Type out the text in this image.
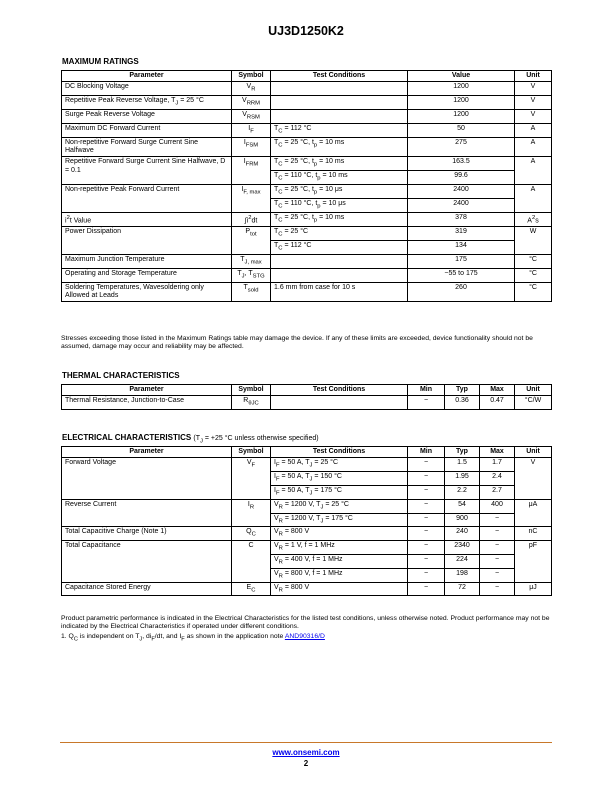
UJ3D1250K2
MAXIMUM RATINGS
Parameter	Symbol	Test Conditions	Value	Unit
DC Blocking Voltage	$V_R$		1200	V
Repetitive Peak Reverse Voltage, $T_J = 25$ °C	$V_{RRM}$		1200	V
Surge Peak Reverse Voltage	$V_{RSM}$		1200	V
Maximum DC Forward Current	$I_F$	$T_C = 112$ °C	50	A
Non-repetitive Forward Surge Current Sine Halfwave	$I_{FSM}$	$T_C = 25$ °C, $t_p = 10$ ms	275	A
Repetitive Forward Surge Current Sine Halfwave, D = 0.1	$I_{FRM}$	$T_C = 25$ °C, $t_p = 10$ ms	163.5	A
		$T_C = 110$ °C, $t_p = 10$ ms	99.6	
Non-repetitive Peak Forward Current	$I_{F, max}$	$T_C = 25$ °C, $t_p = 10$ μs	2400	A
		$T_C = 110$ °C, $t_p = 10$ μs	2400	
$i^2t$ Value	$\int i^2dt$	$T_C = 25$ °C, $t_p = 10$ ms	378	$A^2s$
Power Dissipation	$P_{tot}$	$T_C = 25$ °C	319	W
		$T_C = 112$ °C	134	
Maximum Junction Temperature	$T_{J, max}$		175	°C
Operating and Storage Temperature	$T_J$, $T_{STG}$		−55 to 175	°C
Soldering Temperatures, Wavesoldering only Allowed at Leads	$T_{sold}$	1.6 mm from case for 10 s	260	°C
Stresses exceeding those listed in the Maximum Ratings table may damage the device. If any of these limits are exceeded, device functionality should not be assumed, damage may occur and reliability may be affected.
THERMAL CHARACTERISTICS
Parameter	Symbol	Test Conditions	Min	Typ	Max	Unit
Thermal Resistance, Junction-to-Case	$R_{\theta JC}$		−	0.36	0.47	°C/W
ELECTRICAL CHARACTERISTICS ($T_J = +25$ °C unless otherwise specified)
Parameter	Symbol	Test Conditions	Min	Typ	Max	Unit
Forward Voltage	$V_F$	$I_F = 50$ A, $T_J = 25$ °C	−	1.5	1.7	V
		$I_F = 50$ A, $T_J = 150$ °C	−	1.95	2.4	
		$I_F = 50$ A, $T_J = 175$ °C	−	2.2	2.7	
Reverse Current	$I_R$	$V_R = 1200$ V, $T_J = 25$ °C	−	54	400	μA
		$V_R = 1200$ V, $T_J = 175$ °C	−	900	−	
Total Capacitive Charge (Note 1)	$Q_C$	$V_R = 800$ V	−	240	−	nC
Total Capacitance	C	$V_R = 1$ V, f = 1 MHz	−	2340	−	pF
		$V_R = 400$ V, f = 1 MHz	−	224	−	
		$V_R = 800$ V, f = 1 MHz	−	198	−	
Capacitance Stored Energy	$E_C$	$V_R = 800$ V	−	72	−	μJ
Product parametric performance is indicated in the Electrical Characteristics for the listed test conditions, unless otherwise noted. Product performance may not be indicated by the Electrical Characteristics if operated under different conditions.
1. $Q_C$ is independent on $T_J$, $di_F/dt$, and $I_F$ as shown in the application note AND90316/D
www.onsemi.com
2
